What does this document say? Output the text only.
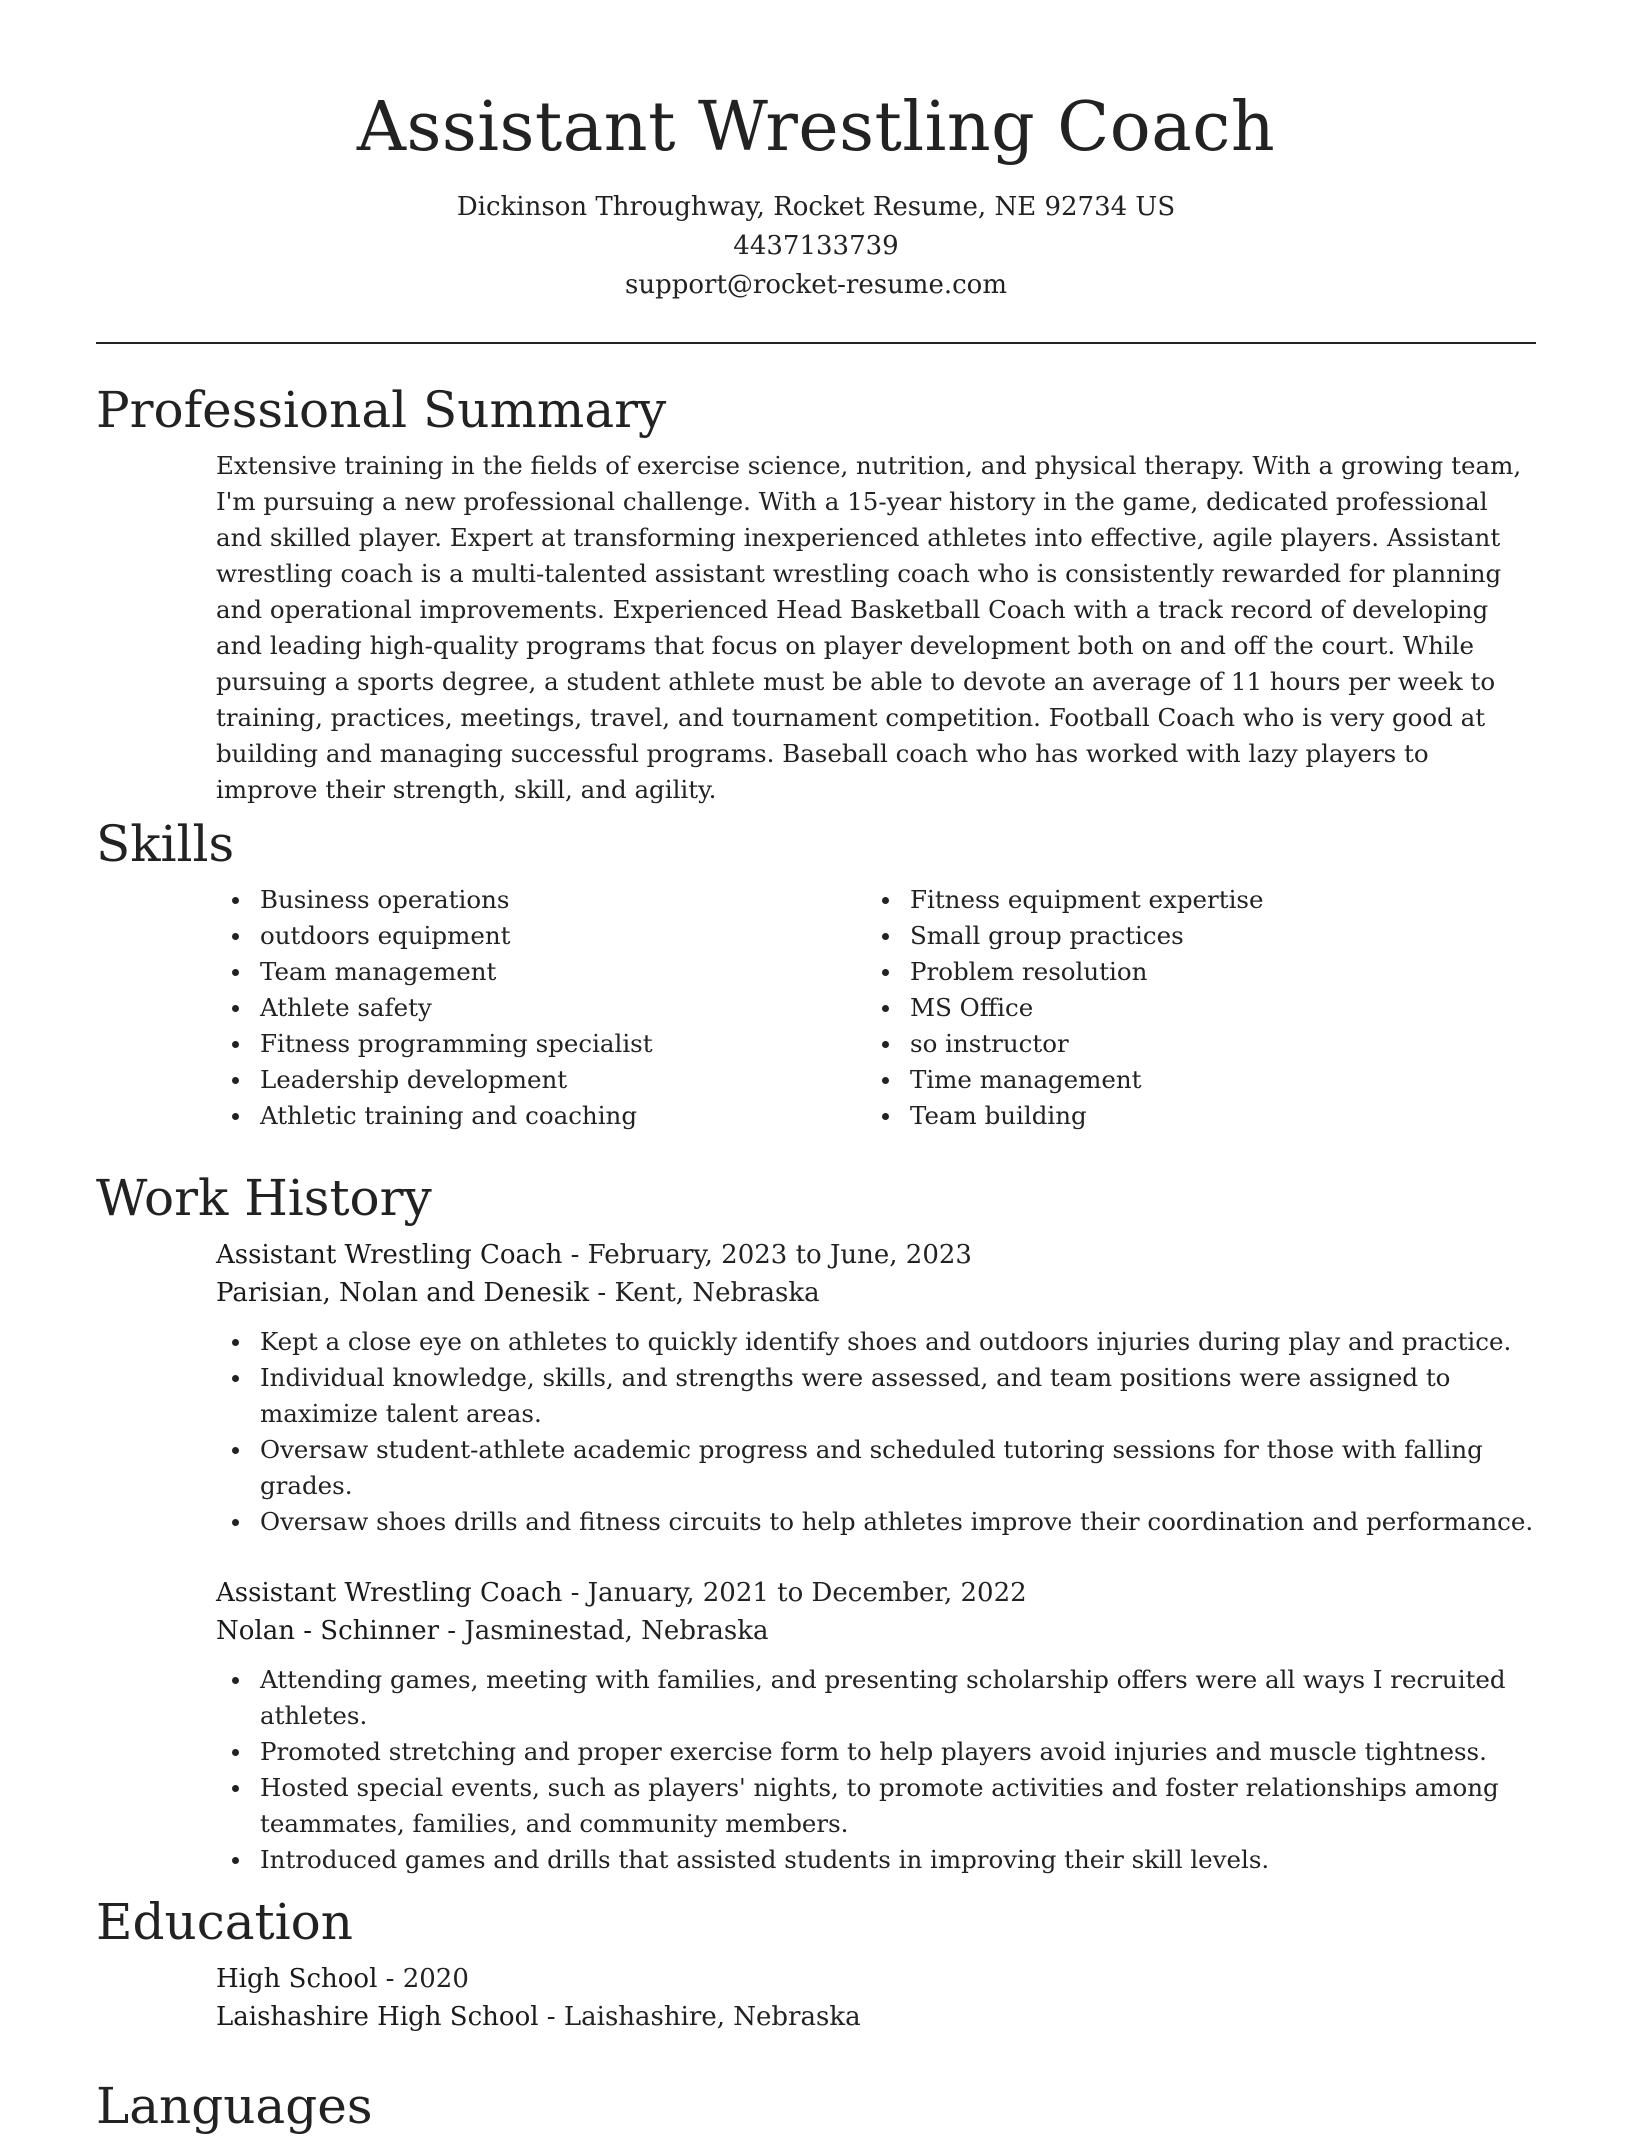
Assistant Wrestling Coach

Dickinson Throughway, Rocket Resume, NE 92734 US

4437133739

support@rocket-resume.com

Professional Summary

Extensive training in the fields of exercise science, nutrition, and physical therapy. With a growing team, I'm pursuing a new professional challenge. With a 15-year history in the game, dedicated professional and skilled player. Expert at transforming inexperienced athletes into effective, agile players. Assistant wrestling coach is a multi-talented assistant wrestling coach who is consistently rewarded for planning and operational improvements. Experienced Head Basketball Coach with a track record of developing and leading high-quality programs that focus on player development both on and off the court. While pursuing a sports degree, a student athlete must be able to devote an average of 11 hours per week to training, practices, meetings, travel, and tournament competition. Football Coach who is very good at building and managing successful programs. Baseball coach who has worked with lazy players to improve their strength, skill, and agility.

Skills
Business operations
outdoors equipment
Team management
Athlete safety
Fitness programming specialist
Leadership development
Athletic training and coaching
Fitness equipment expertise
Small group practices
Problem resolution
MS Office
so instructor
Time management
Team building
Work History

Assistant Wrestling Coach - February, 2023 to June, 2023

Parisian, Nolan and Denesik - Kent, Nebraska

Kept a close eye on athletes to quickly identify shoes and outdoors injuries during play and practice.
Individual knowledge, skills, and strengths were assessed, and team positions were assigned to maximize talent areas.
Oversaw student-athlete academic progress and scheduled tutoring sessions for those with falling grades.
Oversaw shoes drills and fitness circuits to help athletes improve their coordination and performance.

Assistant Wrestling Coach - January, 2021 to December, 2022

Nolan - Schinner - Jasminestad, Nebraska

Attending games, meeting with families, and presenting scholarship offers were all ways I recruited athletes.
Promoted stretching and proper exercise form to help players avoid injuries and muscle tightness.
Hosted special events, such as players' nights, to promote activities and foster relationships among teammates, families, and community members.
Introduced games and drills that assisted students in improving their skill levels.
Education

High School - 2020

Laishashire High School - Laishashire, Nebraska

Languages
